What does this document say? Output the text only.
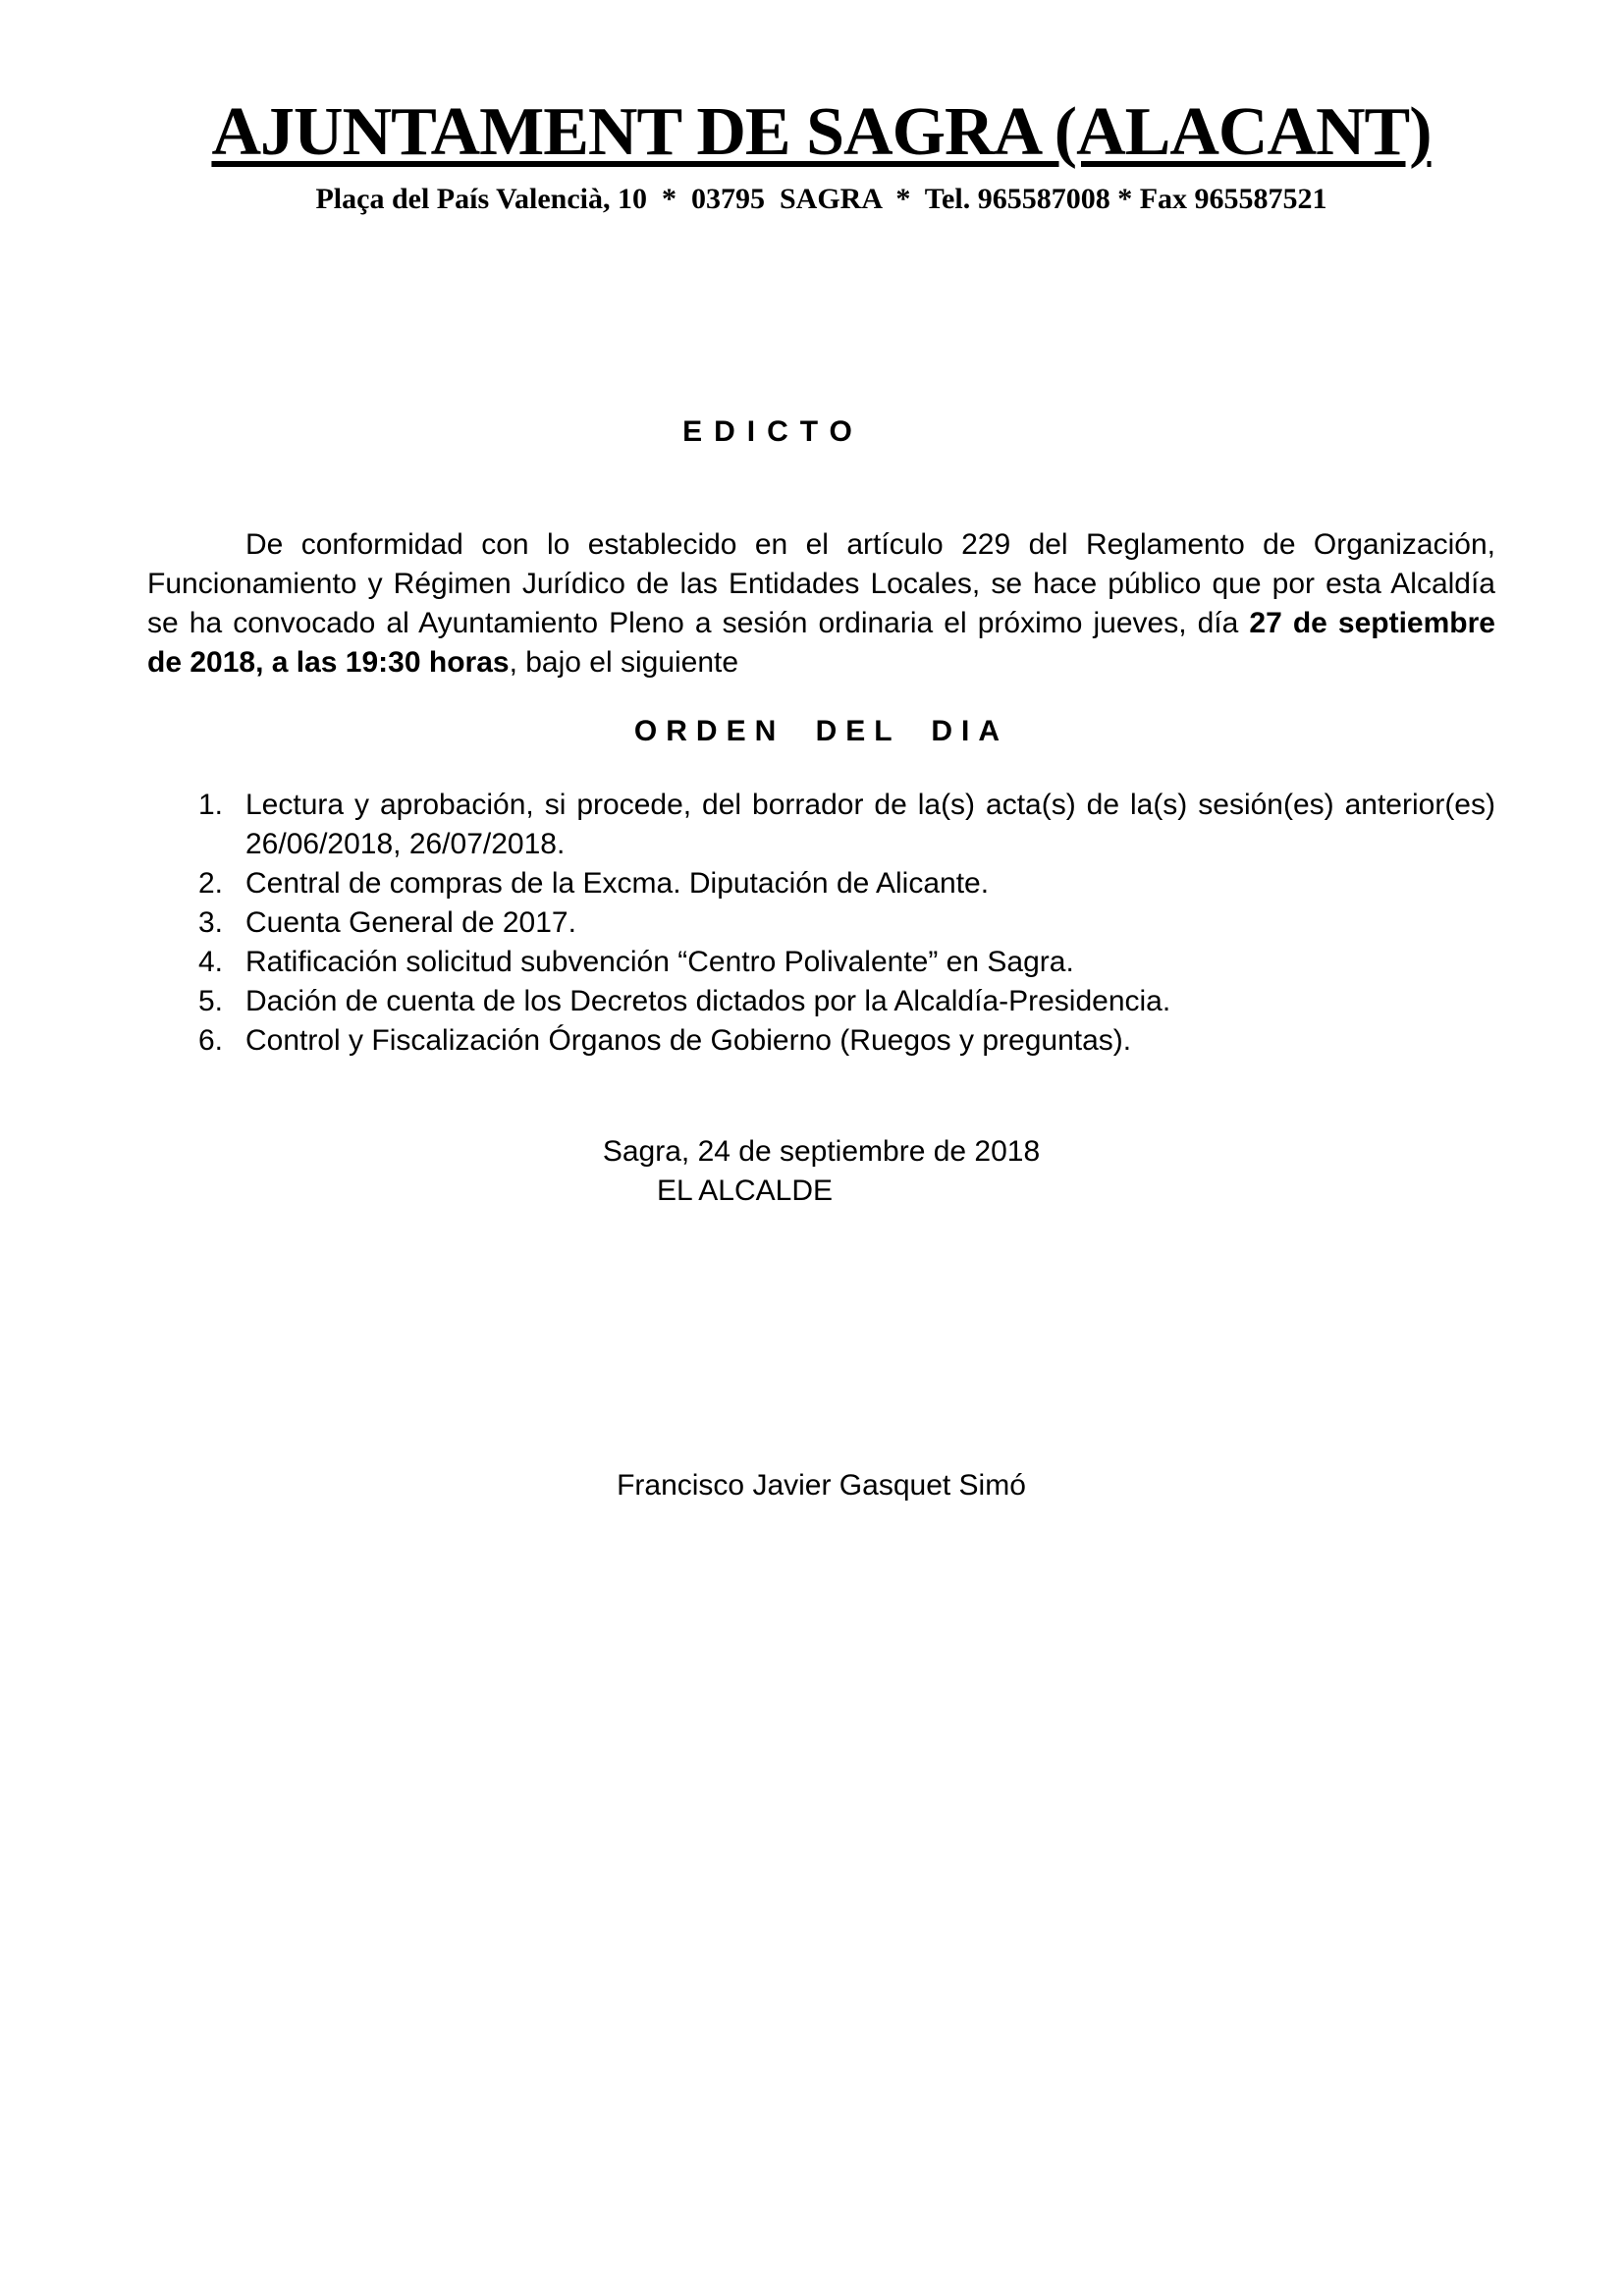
AJUNTAMENT DE SAGRA (ALACANT)
Plaça del País Valencià, 10  *  03795  SAGRA  *  Tel. 965587008 * Fax 965587521
EDICTO

De conformidad con lo establecido en el artículo 229 del Reglamento de Organización, Funcionamiento y Régimen Jurídico de las Entidades Locales, se hace público que por esta Alcaldía se ha convocado al Ayuntamiento Pleno a sesión ordinaria el próximo jueves, día 27 de septiembre de 2018, a las 19:30 horas, bajo el siguiente

ORDEN DEL DIA
1. Lectura y aprobación, si procede, del borrador de la(s) acta(s) de la(s) sesión(es) anterior(es) 26/06/2018, 26/07/2018.
2. Central de compras de la Excma. Diputación de Alicante.
3. Cuenta General de 2017.
4. Ratificación solicitud subvención “Centro Polivalente” en Sagra.
5. Dación de cuenta de los Decretos dictados por la Alcaldía-Presidencia.
6. Control y Fiscalización Órganos de Gobierno (Ruegos y preguntas).
Sagra, 24 de septiembre de 2018
EL ALCALDE
Francisco Javier Gasquet Simó
